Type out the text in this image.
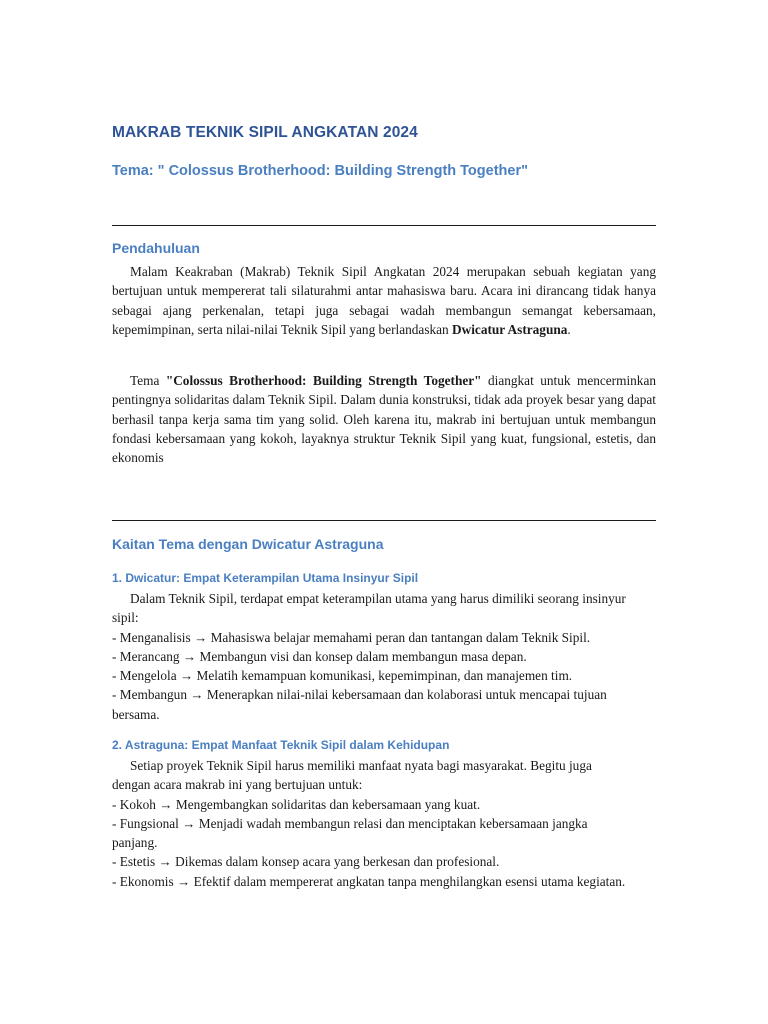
MAKRAB TEKNIK SIPIL ANGKATAN 2024
Tema: " Colossus Brotherhood: Building Strength Together"
Pendahuluan

Malam Keakraban (Makrab) Teknik Sipil Angkatan 2024 merupakan sebuah kegiatan yang bertujuan untuk mempererat tali silaturahmi antar mahasiswa baru. Acara ini dirancang tidak hanya sebagai ajang perkenalan, tetapi juga sebagai wadah membangun semangat kebersamaan, kepemimpinan, serta nilai-nilai Teknik Sipil yang berlandaskan Dwicatur Astraguna.

Tema "Colossus Brotherhood: Building Strength Together" diangkat untuk mencerminkan pentingnya solidaritas dalam Teknik Sipil. Dalam dunia konstruksi, tidak ada proyek besar yang dapat berhasil tanpa kerja sama tim yang solid. Oleh karena itu, makrab ini bertujuan untuk membangun fondasi kebersamaan yang kokoh, layaknya struktur Teknik Sipil yang kuat, fungsional, estetis, dan ekonomis

Kaitan Tema dengan Dwicatur Astraguna
1. Dwicatur: Empat Keterampilan Utama Insinyur Sipil
Dalam Teknik Sipil, terdapat empat keterampilan utama yang harus dimiliki seorang insinyur sipil:
- Menganalisis → Mahasiswa belajar memahami peran dan tantangan dalam Teknik Sipil.
- Merancang → Membangun visi dan konsep dalam membangun masa depan.
- Mengelola → Melatih kemampuan komunikasi, kepemimpinan, dan manajemen tim.
- Membangun → Menerapkan nilai-nilai kebersamaan dan kolaborasi untuk mencapai tujuan bersama.
2. Astraguna: Empat Manfaat Teknik Sipil dalam Kehidupan
Setiap proyek Teknik Sipil harus memiliki manfaat nyata bagi masyarakat. Begitu juga dengan acara makrab ini yang bertujuan untuk:
- Kokoh → Mengembangkan solidaritas dan kebersamaan yang kuat.
- Fungsional → Menjadi wadah membangun relasi dan menciptakan kebersamaan jangka panjang.
- Estetis → Dikemas dalam konsep acara yang berkesan dan profesional.
- Ekonomis → Efektif dalam mempererat angkatan tanpa menghilangkan esensi utama kegiatan.
